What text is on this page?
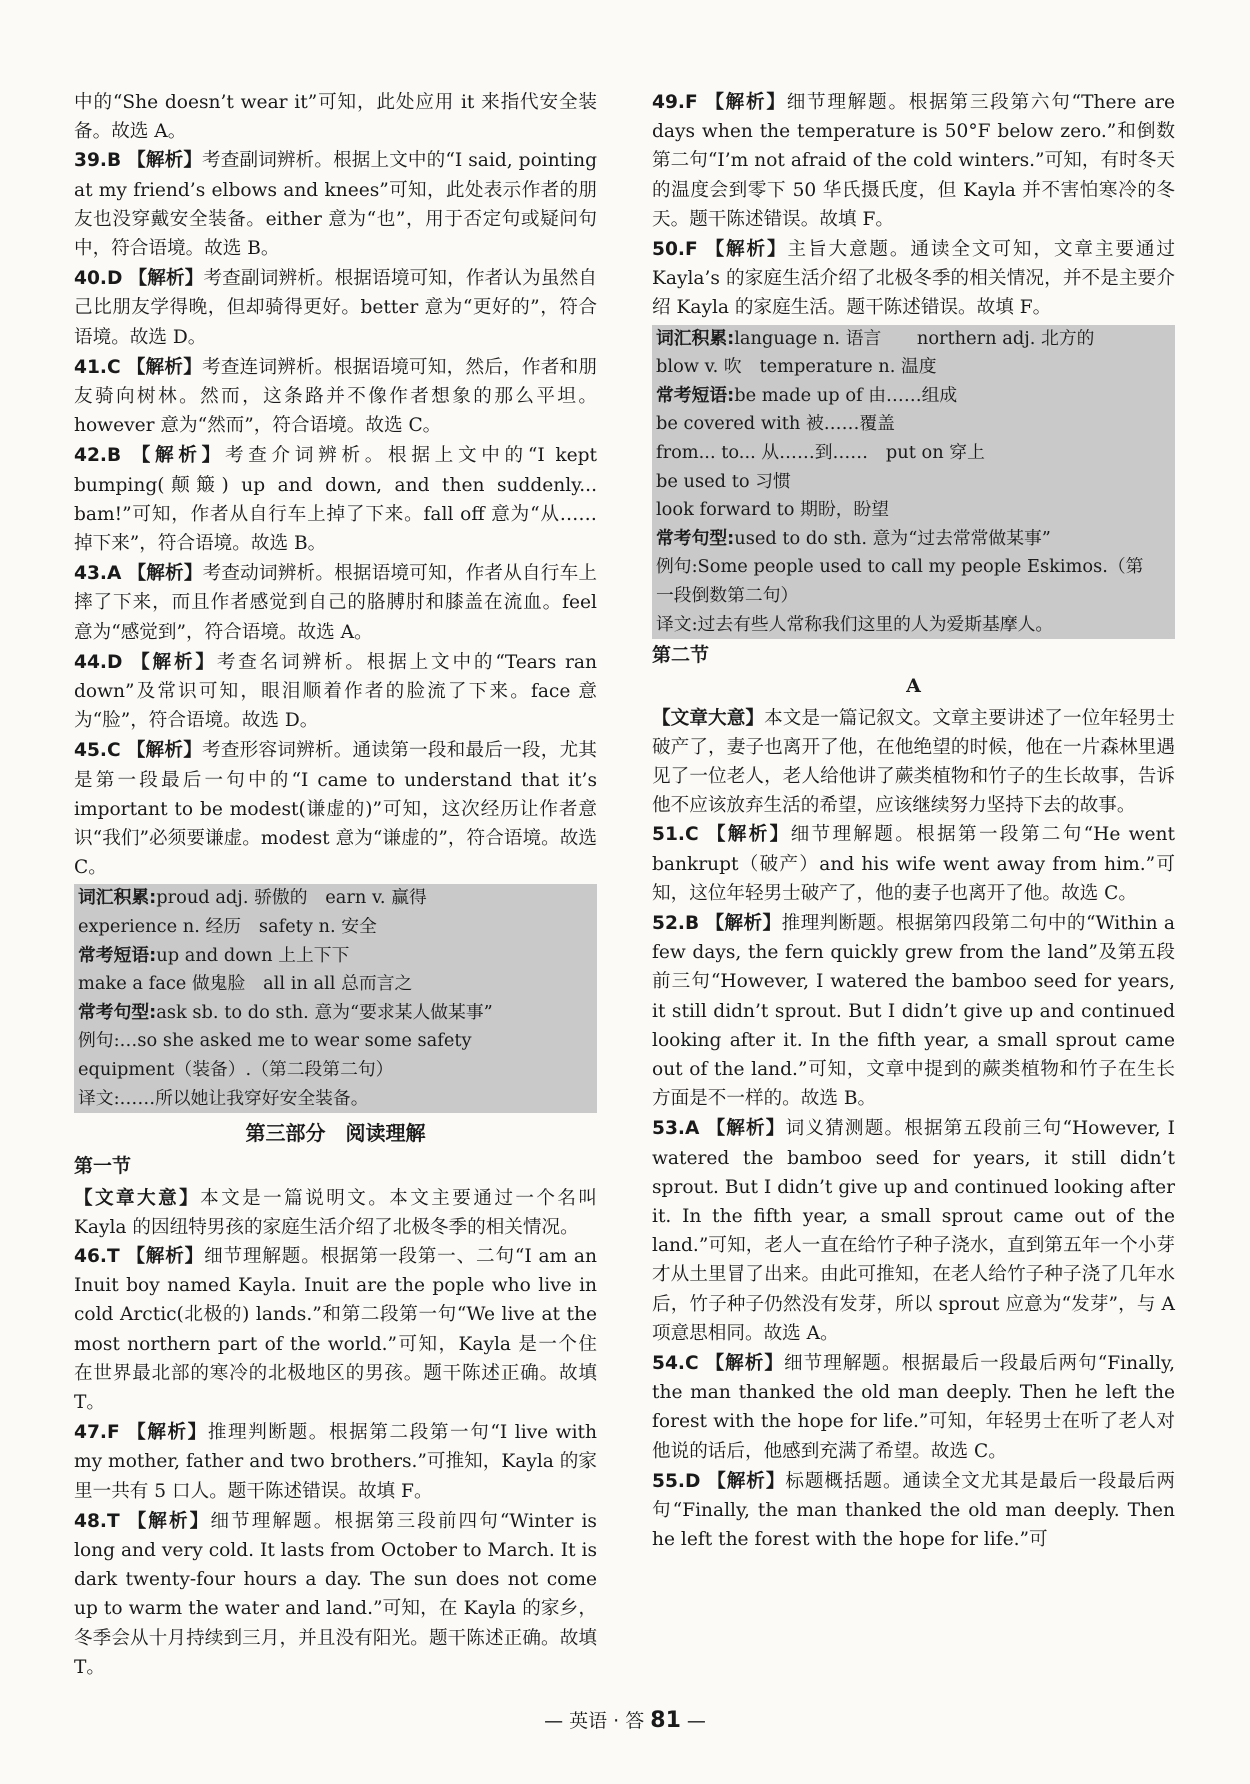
中的“She doesn’t wear it”可知，此处应用 it 来指代安全装备。故选 A。

39.B 【解析】考查副词辨析。根据上文中的“I said, pointing at my friend’s elbows and knees”可知，此处表示作者的朋友也没穿戴安全装备。either 意为“也”，用于否定句或疑问句中，符合语境。故选 B。

40.D 【解析】考查副词辨析。根据语境可知，作者认为虽然自己比朋友学得晚，但却骑得更好。better 意为“更好的”，符合语境。故选 D。

41.C 【解析】考查连词辨析。根据语境可知，然后，作者和朋友骑向树林。然而，这条路并不像作者想象的那么平坦。however 意为“然而”，符合语境。故选 C。

42.B 【解析】考查介词辨析。根据上文中的“I kept bumping(颠簸) up and down, and then suddenly... bam!”可知，作者从自行车上掉了下来。fall off 意为“从……掉下来”，符合语境。故选 B。

43.A 【解析】考查动词辨析。根据语境可知，作者从自行车上摔了下来，而且作者感觉到自己的胳膊肘和膝盖在流血。feel 意为“感觉到”，符合语境。故选 A。

44.D 【解析】考查名词辨析。根据上文中的“Tears ran down”及常识可知，眼泪顺着作者的脸流了下来。face 意为“脸”，符合语境。故选 D。

45.C 【解析】考查形容词辨析。通读第一段和最后一段，尤其是第一段最后一句中的“I came to understand that it’s important to be modest(谦虚的)”可知，这次经历让作者意识“我们”必须要谦虚。modest 意为“谦虚的”，符合语境。故选 C。

词汇积累:proud adj. 骄傲的　earn v. 赢得
experience n. 经历　safety n. 安全
常考短语:up and down 上上下下
make a face 做鬼脸　all in all 总而言之
常考句型:ask sb. to do sth. 意为“要求某人做某事”
例句:…so she asked me to wear some safety
equipment（装备）.（第二段第二句）
译文:……所以她让我穿好安全装备。
第三部分　阅读理解
第一节

【文章大意】本文是一篇说明文。本文主要通过一个名叫 Kayla 的因纽特男孩的家庭生活介绍了北极冬季的相关情况。

46.T 【解析】细节理解题。根据第一段第一、二句“I am an Inuit boy named Kayla. Inuit are the pople who live in cold Arctic(北极的) lands.”和第二段第一句“We live at the most northern part of the world.”可知，Kayla 是一个住在世界最北部的寒冷的北极地区的男孩。题干陈述正确。故填 T。

47.F 【解析】推理判断题。根据第二段第一句“I live with my mother, father and two brothers.”可推知，Kayla 的家里一共有 5 口人。题干陈述错误。故填 F。

48.T 【解析】细节理解题。根据第三段前四句“Winter is long and very cold. It lasts from October to March. It is dark twenty-four hours a day. The sun does not come up to warm the water and land.”可知，在 Kayla 的家乡，冬季会从十月持续到三月，并且没有阳光。题干陈述正确。故填 T。

49.F 【解析】细节理解题。根据第三段第六句“There are days when the temperature is 50°F below zero.”和倒数第二句“I’m not afraid of the cold winters.”可知，有时冬天的温度会到零下 50 华氏摄氏度，但 Kayla 并不害怕寒冷的冬天。题干陈述错误。故填 F。

50.F 【解析】主旨大意题。通读全文可知，文章主要通过 Kayla’s 的家庭生活介绍了北极冬季的相关情况，并不是主要介绍 Kayla 的家庭生活。题干陈述错误。故填 F。

词汇积累:language n. 语言　　northern adj. 北方的
blow v. 吹　temperature n. 温度
常考短语:be made up of 由……组成
be covered with 被……覆盖
from... to... 从……到……　put on 穿上
be used to 习惯
look forward to 期盼，盼望
常考句型:used to do sth. 意为“过去常常做某事”
例句:Some people used to call my people Eskimos.（第
一段倒数第二句）
译文:过去有些人常称我们这里的人为爱斯基摩人。
第二节
A

【文章大意】本文是一篇记叙文。文章主要讲述了一位年轻男士破产了，妻子也离开了他，在他绝望的时候，他在一片森林里遇见了一位老人，老人给他讲了蕨类植物和竹子的生长故事，告诉他不应该放弃生活的希望，应该继续努力坚持下去的故事。

51.C 【解析】细节理解题。根据第一段第二句“He went bankrupt（破产）and his wife went away from him.”可知，这位年轻男士破产了，他的妻子也离开了他。故选 C。

52.B 【解析】推理判断题。根据第四段第二句中的“Within a few days, the fern quickly grew from the land”及第五段前三句“However, I watered the bamboo seed for years, it still didn’t sprout. But I didn’t give up and continued looking after it. In the fifth year, a small sprout came out of the land.”可知，文章中提到的蕨类植物和竹子在生长方面是不一样的。故选 B。

53.A 【解析】词义猜测题。根据第五段前三句“However, I watered the bamboo seed for years, it still didn’t sprout. But I didn’t give up and continued looking after it. In the fifth year, a small sprout came out of the land.”可知，老人一直在给竹子种子浇水，直到第五年一个小芽才从土里冒了出来。由此可推知，在老人给竹子种子浇了几年水后，竹子种子仍然没有发芽，所以 sprout 应意为“发芽”，与 A 项意思相同。故选 A。

54.C 【解析】细节理解题。根据最后一段最后两句“Finally, the man thanked the old man deeply. Then he left the forest with the hope for life.”可知，年轻男士在听了老人对他说的话后，他感到充满了希望。故选 C。

55.D 【解析】标题概括题。通读全文尤其是最后一段最后两句“Finally, the man thanked the old man deeply. Then he left the forest with the hope for life.”可

— 英语 · 答 81 —
